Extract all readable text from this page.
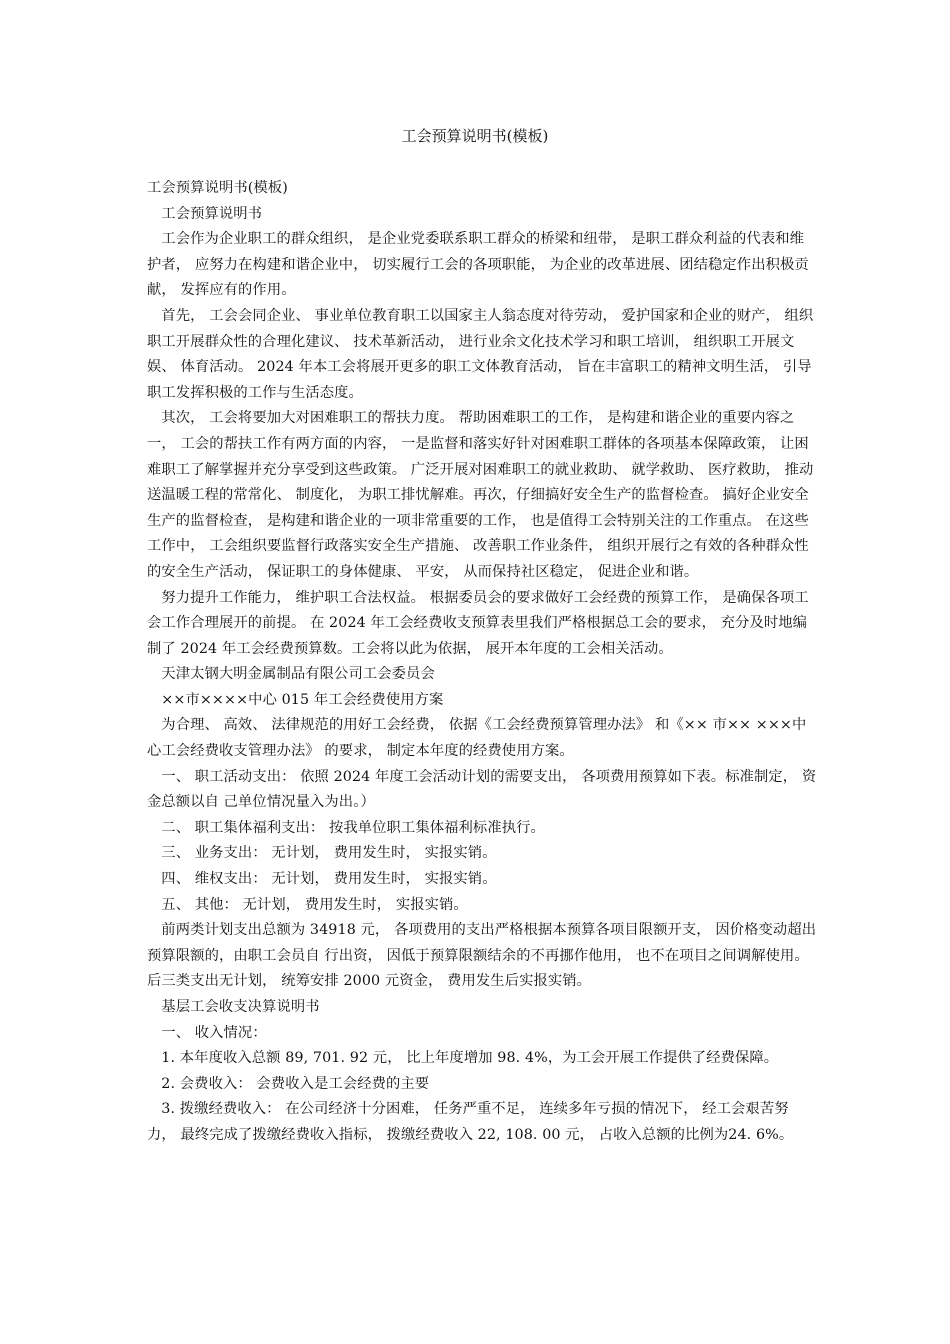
工会预算说明书(模板)

工会预算说明书(模板)

工会预算说明书

工会作为企业职工的群众组织， 是企业党委联系职工群众的桥梁和纽带， 是职工群众利益的代表和维护者， 应努力在构建和谐企业中， 切实履行工会的各项职能， 为企业的改革进展、团结稳定作出积极贡献， 发挥应有的作用。

首先， 工会会同企业、 事业单位教育职工以国家主人翁态度对待劳动， 爱护国家和企业的财产， 组织职工开展群众性的合理化建议、 技术革新活动， 进行业余文化技术学习和职工培训， 组织职工开展文娱、 体育活动。 2024 年本工会将展开更多的职工文体教育活动， 旨在丰富职工的精神文明生活， 引导职工发挥积极的工作与生活态度。

其次， 工会将要加大对困难职工的帮扶力度。 帮助困难职工的工作， 是构建和谐企业的重要内容之一， 工会的帮扶工作有两方面的内容， 一是监督和落实好针对困难职工群体的各项基本保障政策， 让困难职工了解掌握并充分享受到这些政策。 广泛开展对困难职工的就业救助、 就学救助、 医疗救助， 推动送温暖工程的常常化、 制度化， 为职工排忧解难。再次，仔细搞好安全生产的监督检查。 搞好企业安全生产的监督检查， 是构建和谐企业的一项非常重要的工作， 也是值得工会特别关注的工作重点。 在这些工作中， 工会组织要监督行政落实安全生产措施、 改善职工作业条件， 组织开展行之有效的各种群众性的安全生产活动， 保证职工的身体健康、 平安， 从而保持社区稳定， 促进企业和谐。

努力提升工作能力， 维护职工合法权益。 根据委员会的要求做好工会经费的预算工作， 是确保各项工会工作合理展开的前提。 在 2024 年工会经费收支预算表里我们严格根据总工会的要求， 充分及时地编制了 2024 年工会经费预算数。工会将以此为依据， 展开本年度的工会相关活动。

天津太钢大明金属制品有限公司工会委员会

××市××××中心 015 年工会经费使用方案

为合理、 高效、 法律规范的用好工会经费， 依据《工会经费预算管理办法》 和《×× 市×× ×××中心工会经费收支管理办法》 的要求， 制定本年度的经费使用方案。

一、 职工活动支出： 依照 2024 年度工会活动计划的需要支出， 各项费用预算如下表。标准制定， 资金总额以自 己单位情况量入为出。）

二、 职工集体福利支出： 按我单位职工集体福利标准执行。

三、 业务支出： 无计划， 费用发生时， 实报实销。

四、 维权支出： 无计划， 费用发生时， 实报实销。

五、 其他： 无计划， 费用发生时， 实报实销。

前两类计划支出总额为 34918 元， 各项费用的支出严格根据本预算各项目限额开支， 因价格变动超出预算限额的，由职工会员自 行出资， 因低于预算限额结余的不再挪作他用， 也不在项目之间调解使用。 后三类支出无计划， 统筹安排 2000 元资金， 费用发生后实报实销。

基层工会收支决算说明书

一、 收入情况：

1. 本年度收入总额 89, 701. 92 元， 比上年度增加 98. 4%，为工会开展工作提供了经费保障。

2. 会费收入： 会费收入是工会经费的主要

3. 拨缴经费收入： 在公司经济十分困难， 任务严重不足， 连续多年亏损的情况下， 经工会艰苦努力， 最终完成了拨缴经费收入指标， 拨缴经费收入 22, 108. 00 元， 占收入总额的比例为24. 6%。
